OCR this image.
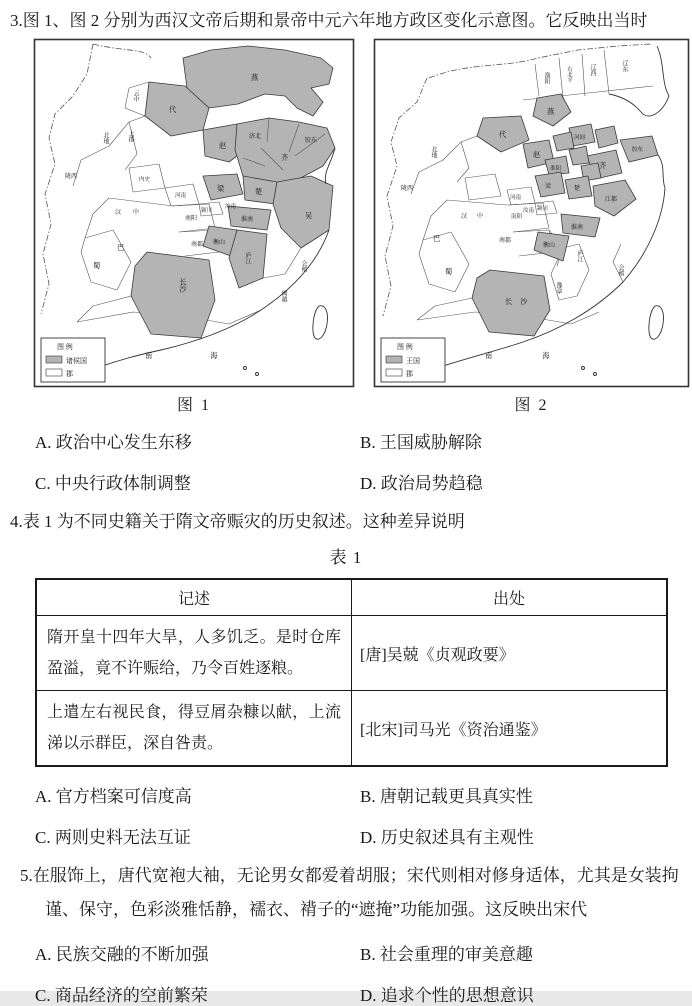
3.图 1、图 2 分别为西汉文帝后期和景帝中元六年地方政区变化示意图。它反映出当时

燕
代
云中
上郡
北地
陇西	内史
河南
南阳
南郡
汉中
蜀
巴
赵
济北
齐
胶东
梁	楚
吴
淮南
衡山
庐江
长沙
闽越
会稽
南海
颍川
汝南
图 例
诸侯国
郡
图 1
渔阳	右北平	辽西	辽东
燕
代
赵
河间
齐
胶东
淮阳
梁	楚
江都
淮南
衡山
庐江
长沙
汝南
南阳
南郡
汉中
巴
蜀
北地
陇西
豫章
会稽
南海
河南
颍川
图 例
王国
郡
图 2
A. 政治中心发生东移	B. 王国威胁解除
C. 中央行政体制调整	D. 政治局势趋稳

4.表 1 为不同史籍关于隋文帝赈灾的历史叙述。这种差异说明

表 1
记述	出处
隋开皇十四年大旱，人多饥乏。是时仓库盈溢，竟不许赈给，乃令百姓逐粮。	[唐]吴兢《贞观政要》
上遣左右视民食，得豆屑杂糠以献，上流涕以示群臣，深自咎责。	[北宋]司马光《资治通鉴》
A. 官方档案可信度高	B. 唐朝记载更具真实性
C. 两则史料无法互证	D. 历史叙述具有主观性

5.在服饰上，唐代宽袍大袖，无论男女都爱着胡服；宋代则相对修身适体，尤其是女装拘谨、保守，色彩淡雅恬静，襦衣、褙子的“遮掩”功能加强。这反映出宋代

A. 民族交融的不断加强	B. 社会重理的审美意趣
C. 商品经济的空前繁荣	D. 追求个性的思想意识
